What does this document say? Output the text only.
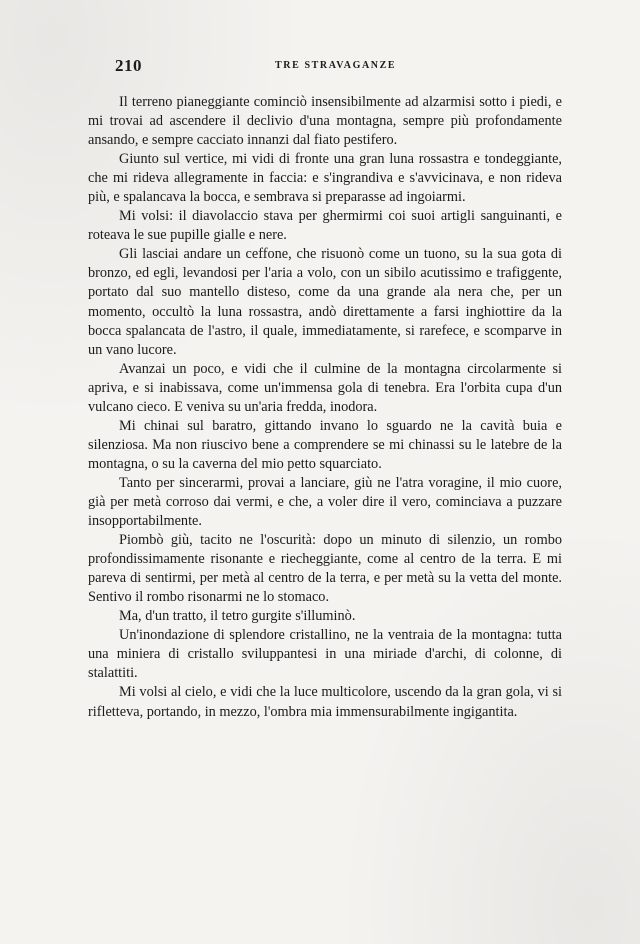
210	TRE STRAVAGANZE

Il terreno pianeggiante cominciò insensibilmente ad alzarmisi sotto i piedi, e mi trovai ad ascendere il declivio d'una montagna, sempre più profondamente ansando, e sempre cacciato innanzi dal fiato pestifero.

Giunto sul vertice, mi vidi di fronte una gran luna rossastra e tondeggiante, che mi rideva allegramente in faccia: e s'ingrandiva e s'avvicinava, e non rideva più, e spalancava la bocca, e sembrava si preparasse ad ingoiarmi.

Mi volsi: il diavolaccio stava per ghermirmi coi suoi artigli sanguinanti, e roteava le sue pupille gialle e nere.

Gli lasciai andare un ceffone, che risuonò come un tuono, su la sua gota di bronzo, ed egli, levandosi per l'aria a volo, con un sibilo acutissimo e trafiggente, portato dal suo mantello disteso, come da una grande ala nera che, per un momento, occultò la luna rossastra, andò direttamente a farsi inghiottire da la bocca spalancata de l'astro, il quale, immediatamente, si rarefece, e scomparve in un vano lucore.

Avanzai un poco, e vidi che il culmine de la montagna circolarmente si apriva, e si inabissava, come un'immensa gola di tenebra. Era l'orbita cupa d'un vulcano cieco. E veniva su un'aria fredda, inodora.

Mi chinai sul baratro, gittando invano lo sguardo ne la cavità buia e silenziosa. Ma non riuscivo bene a comprendere se mi chinassi su le latebre de la montagna, o su la caverna del mio petto squarciato.

Tanto per sincerarmi, provai a lanciare, giù ne l'atra voragine, il mio cuore, già per metà corroso dai vermi, e che, a voler dire il vero, cominciava a puzzare insopportabilmente.

Piombò giù, tacito ne l'oscurità: dopo un minuto di silenzio, un rombo profondissimamente risonante e riecheggiante, come al centro de la terra. E mi pareva di sentirmi, per metà al centro de la terra, e per metà su la vetta del monte. Sentivo il rombo risonarmi ne lo stomaco.

Ma, d'un tratto, il tetro gurgite s'illuminò.

Un'inondazione di splendore cristallino, ne la ventraia de la montagna: tutta una miniera di cristallo sviluppantesi in una miriade d'archi, di colonne, di stalattiti.

Mi volsi al cielo, e vidi che la luce multicolore, uscendo da la gran gola, vi si rifletteva, portando, in mezzo, l'ombra mia immensurabilmente ingigantita.
